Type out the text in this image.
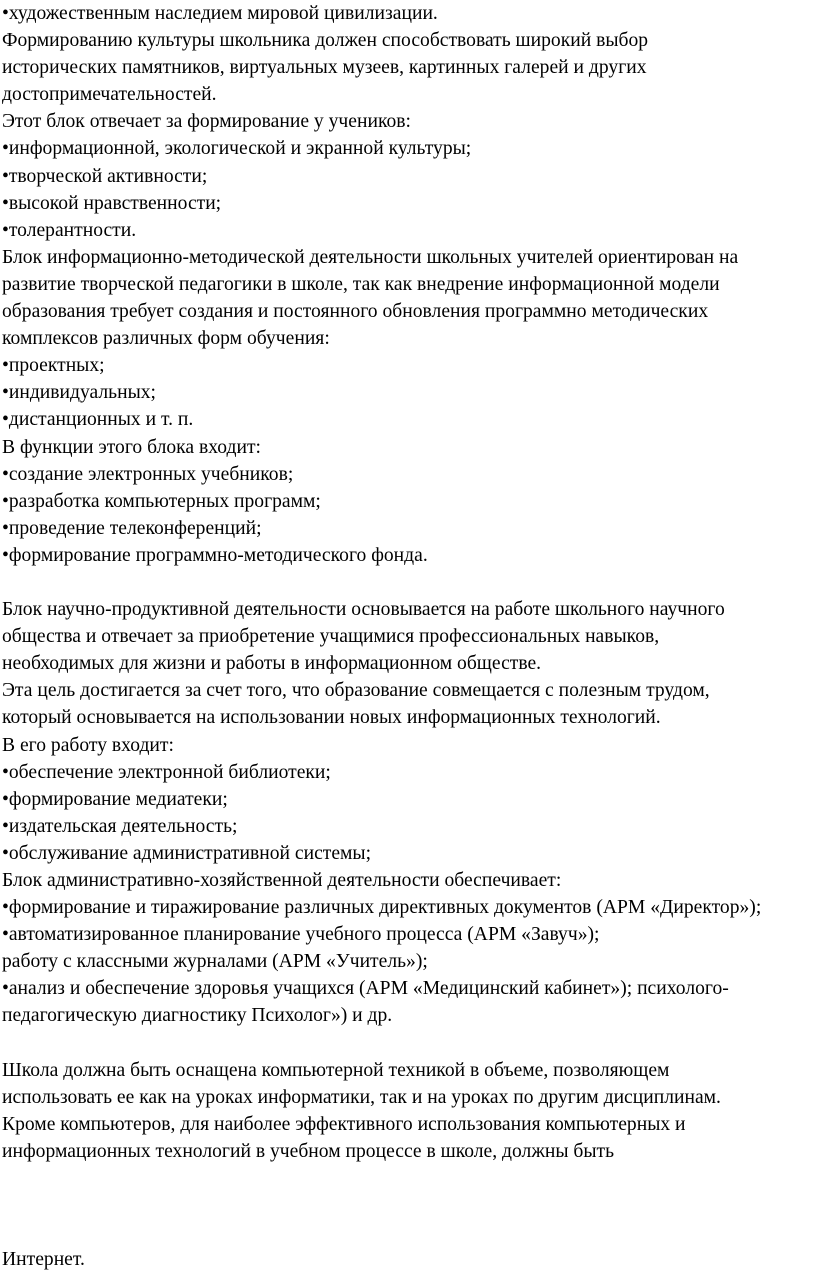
•художественным наследием мировой цивилизации.
Формированию культуры школьника должен способствовать широкий выбор
исторических памятников, виртуальных музеев, картинных галерей и других
достопримечательностей.
Этот блок отвечает за формирование у учеников:
•информационной, экологической и экранной культуры;
•творческой активности;
•высокой нравственности;
•толерантности.
Блок информационно-методической деятельности школьных учителей ориентирован на
развитие творческой педагогики в школе, так как внедрение информационной модели
образования требует создания и постоянного обновления программно методических
комплексов различных форм обучения:
•проектных;
•индивидуальных;
•дистанционных и т. п.
В функции этого блока входит:
•создание электронных учебников;
•разработка компьютерных программ;
•проведение телеконференций;
•формирование программно-методического фонда.
Блок научно-продуктивной деятельности основывается на работе школьного научного
общества и отвечает за приобретение учащимися профессиональных навыков,
необходимых для жизни и работы в информационном обществе.
Эта цель достигается за счет того, что образование совмещается с полезным трудом,
который основывается на использовании новых информационных технологий.
В его работу входит:
•обеспечение электронной библиотеки;
•формирование медиатеки;
•издательская деятельность;
•обслуживание административной системы;
Блок административно-хозяйственной деятельности обеспечивает:
•формирование и тиражирование различных директивных документов (АРМ «Директор»);
•автоматизированное планирование учебного процесса (АРМ «Завуч»);
работу с классными журналами (АРМ «Учитель»);
•анализ и обеспечение здоровья учащихся (АРМ «Медицинский кабинет»); психолого-
педагогическую диагностику Психолог») и др.
Школа должна быть оснащена компьютерной техникой в объеме, позволяющем
использовать ее как на уроках информатики, так и на уроках по другим дисциплинам.
Кроме компьютеров, для наиболее эффективного использования компьютерных и
информационных технологий в учебном процессе в школе, должны быть
Интернет.
